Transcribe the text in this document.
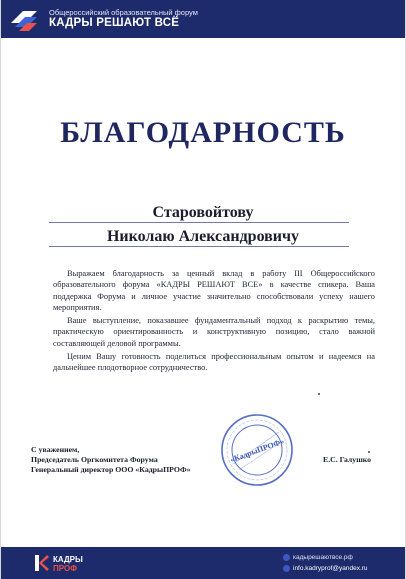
Общероссийский образовательный форум
КАДРЫ РЕШАЮТ ВСЁ
БЛАГОДАРНОСТЬ
Старовойтову
Николаю Александровичу

Выражаем благодарность за ценный вклад в работу III Общероссийского образовательного форума «КАДРЫ РЕШАЮТ ВСЕ» в качестве спикера. Ваша поддержка Форума и личное участие значительно способствовали успеху нашего мероприятия.

Ваше выступление, показавшее фундаментальный подход к раскрытию темы, практическую ориентированность и конструктивную позицию, стало важной составляющей деловой программы.

Ценим Вашу готовность поделиться профессиональным опытом и надеемся на дальнейшее плодотворное сотрудничество.

С уважением,
Председатель Оргкомитета Форума
Генеральный директор ООО «КадрыПРОФ»
«КадрыПРОФ»	Е.С. Галушко
КАДРЫ
ПРОФ
кадырешаютвсе.рф
info.kadryprof@yandex.ru
